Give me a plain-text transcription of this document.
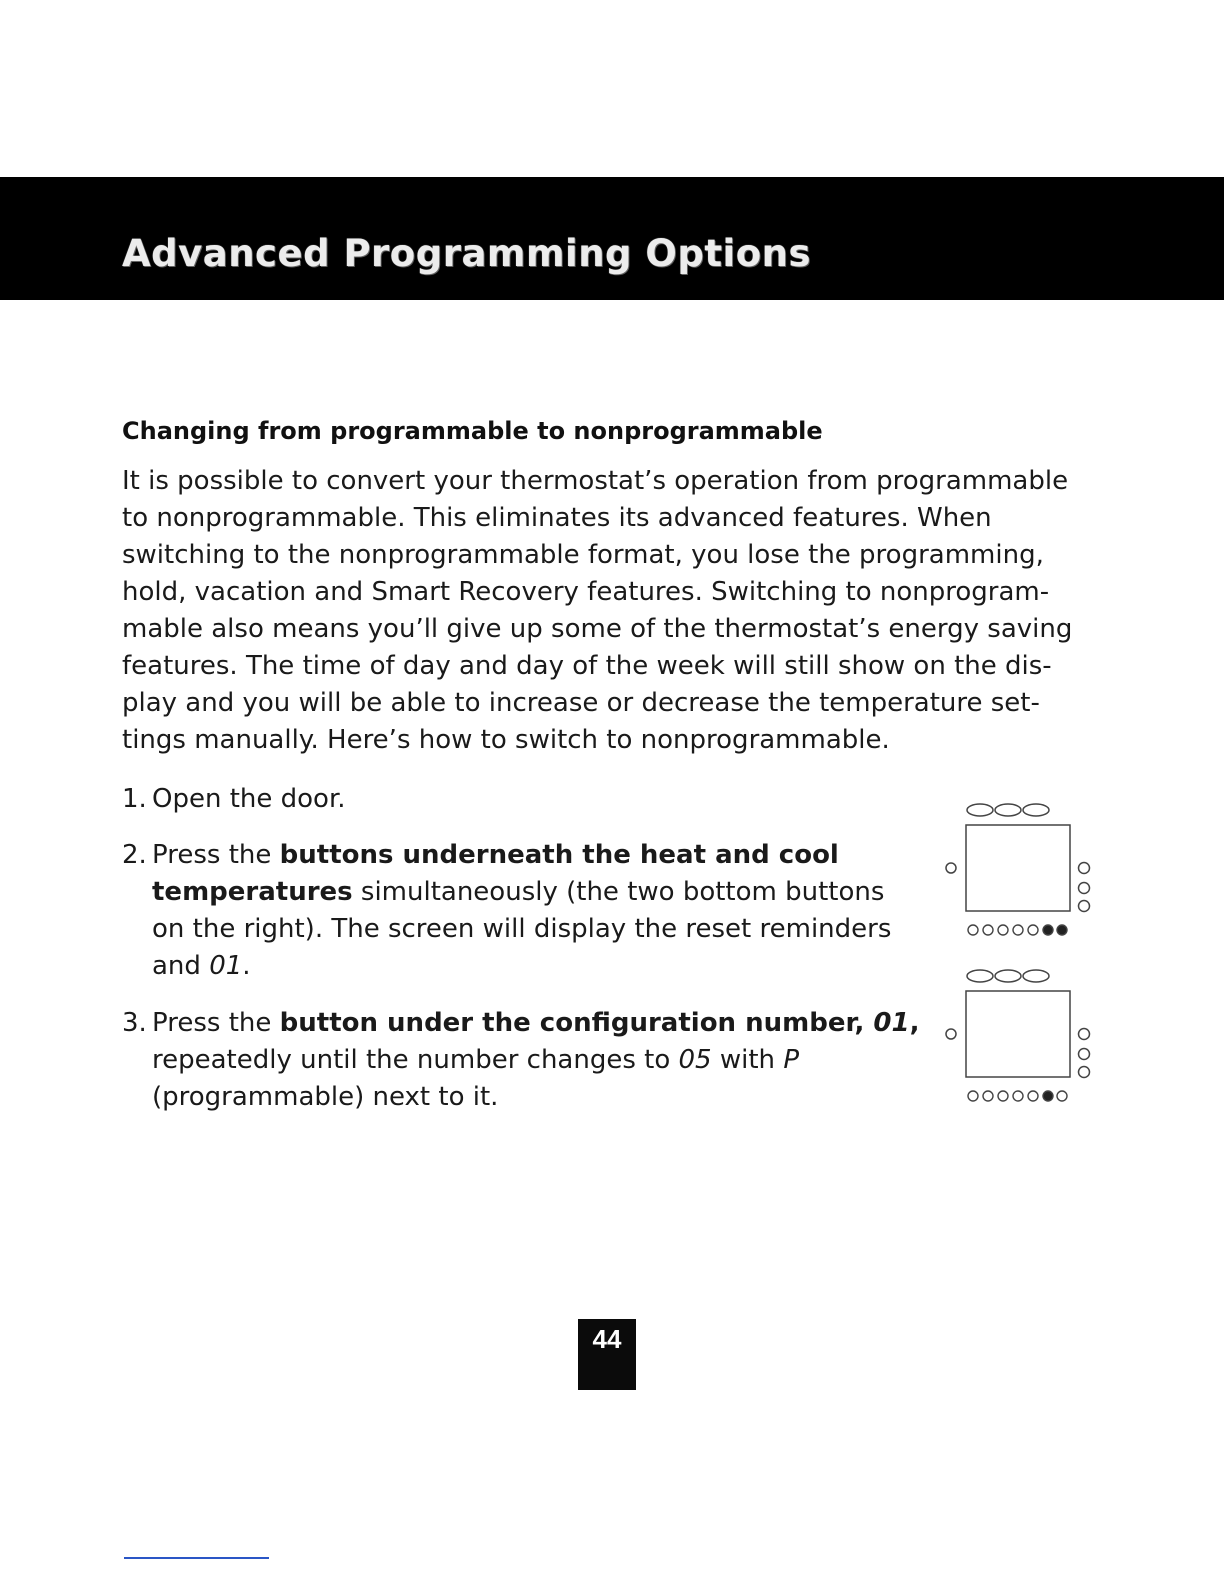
Advanced Programming Options
Changing from programmable to nonprogrammable

It is possible to convert your thermostat’s operation from programmable
to nonprogrammable. This eliminates its advanced features. When
switching to the nonprogrammable format, you lose the programming,
hold, vacation and Smart Recovery features. Switching to nonprogram-
mable also means you’ll give up some of the thermostat’s energy saving
features. The time of day and day of the week will still show on the dis-
play and you will be able to increase or decrease the temperature set-
tings manually. Here’s how to switch to nonprogrammable.

1. Open the door.
2. Press the buttons underneath the heat and cool
temperatures simultaneously (the two bottom buttons
on the right). The screen will display the reset reminders
and 01.
3. Press the button under the configuration number, 01,
repeatedly until the number changes to 05 with P
(programmable) next to it.
44
